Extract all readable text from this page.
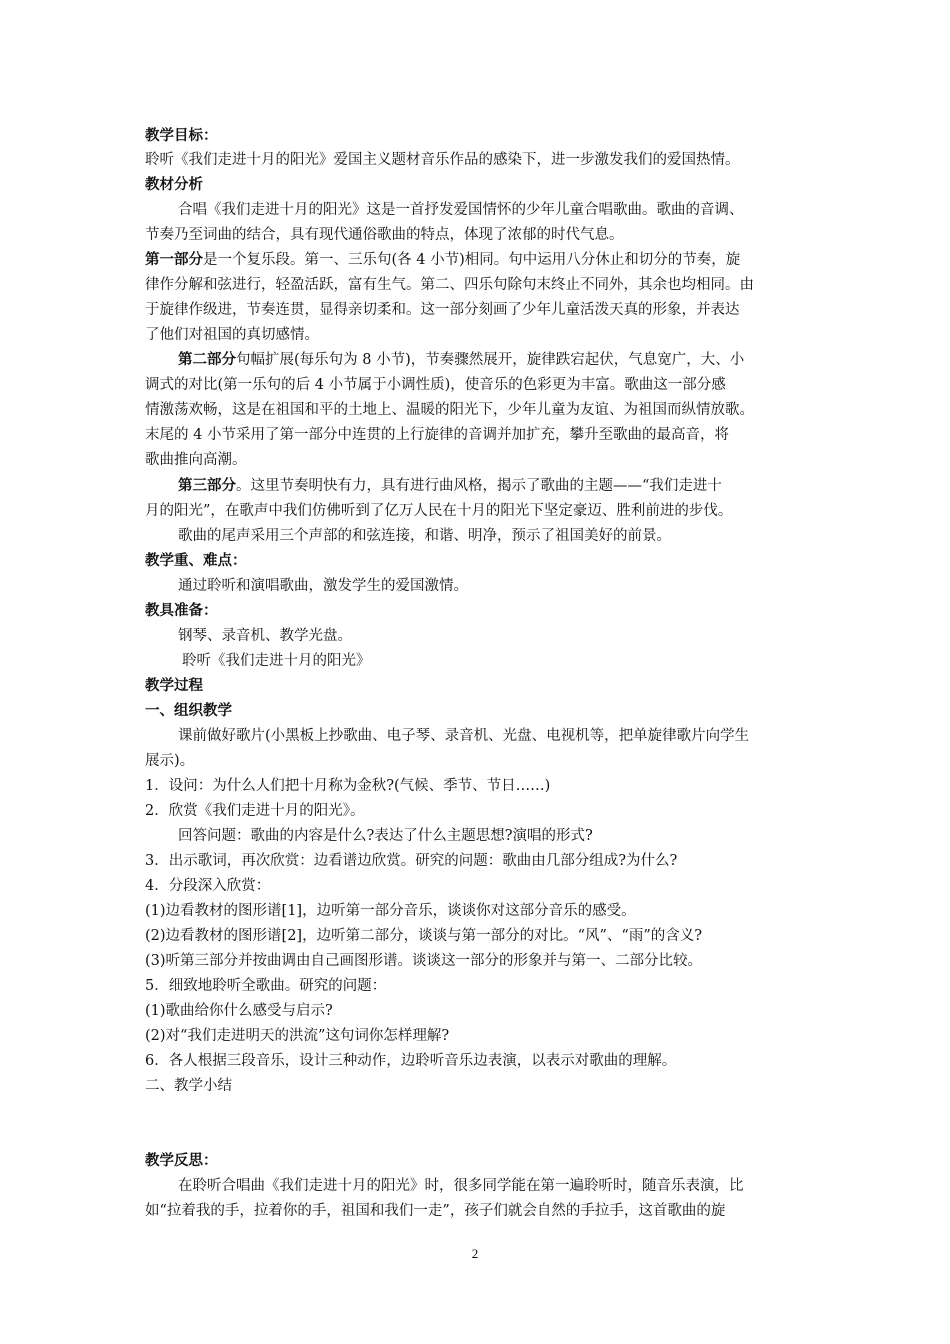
教学目标：
聆听《我们走进十月的阳光》爱国主义题材音乐作品的感染下，进一步激发我们的爱国热情。
教材分析
合唱《我们走进十月的阳光》这是一首抒发爱国情怀的少年儿童合唱歌曲。歌曲的音调、
节奏乃至词曲的结合，具有现代通俗歌曲的特点，体现了浓郁的时代气息。
第一部分是一个复乐段。第一、三乐句(各 4 小节)相同。句中运用八分休止和切分的节奏，旋
律作分解和弦进行，轻盈活跃，富有生气。第二、四乐句除句末终止不同外，其余也均相同。由
于旋律作级进，节奏连贯，显得亲切柔和。这一部分刻画了少年儿童活泼天真的形象，并表达
了他们对祖国的真切感情。
第二部分句幅扩展(每乐句为 8 小节)，节奏骤然展开，旋律跌宕起伏，气息宽广，大、小
调式的对比(第一乐句的后 4 小节属于小调性质)，使音乐的色彩更为丰富。歌曲这一部分感
情激荡欢畅，这是在祖国和平的土地上、温暖的阳光下，少年儿童为友谊、为祖国而纵情放歌。
末尾的 4 小节采用了第一部分中连贯的上行旋律的音调并加扩充，攀升至歌曲的最高音，将
歌曲推向高潮。
第三部分。这里节奏明快有力，具有进行曲风格，揭示了歌曲的主题——“我们走进十
月的阳光”，在歌声中我们仿佛听到了亿万人民在十月的阳光下坚定豪迈、胜利前进的步伐。
歌曲的尾声采用三个声部的和弦连接，和谐、明净，预示了祖国美好的前景。
教学重、难点：
通过聆听和演唱歌曲，激发学生的爱国激情。
教具准备：
钢琴、录音机、教学光盘。
聆听《我们走进十月的阳光》
教学过程
一、组织教学
课前做好歌片(小黑板上抄歌曲、电子琴、录音机、光盘、电视机等，把单旋律歌片向学生
展示)。
1．设问：为什么人们把十月称为金秋?(气候、季节、节日……)
2．欣赏《我们走进十月的阳光》。
回答问题：歌曲的内容是什么?表达了什么主题思想?演唱的形式?
3．出示歌词，再次欣赏：边看谱边欣赏。研究的问题：歌曲由几部分组成?为什么?
4．分段深入欣赏：
(1)边看教材的图形谱[1]，边听第一部分音乐，谈谈你对这部分音乐的感受。
(2)边看教材的图形谱[2]，边听第二部分，谈谈与第一部分的对比。“风”、“雨”的含义?
(3)听第三部分并按曲调由自己画图形谱。谈谈这一部分的形象并与第一、二部分比较。
5．细致地聆听全歌曲。研究的问题：
(1)歌曲给你什么感受与启示?
(2)对“我们走进明天的洪流”这句词你怎样理解?
6．各人根据三段音乐，设计三种动作，边聆听音乐边表演，以表示对歌曲的理解。
二、教学小结
教学反思：
在聆听合唱曲《我们走进十月的阳光》时，很多同学能在第一遍聆听时，随音乐表演，比
如“拉着我的手，拉着你的手，祖国和我们一走”，孩子们就会自然的手拉手，这首歌曲的旋
2
